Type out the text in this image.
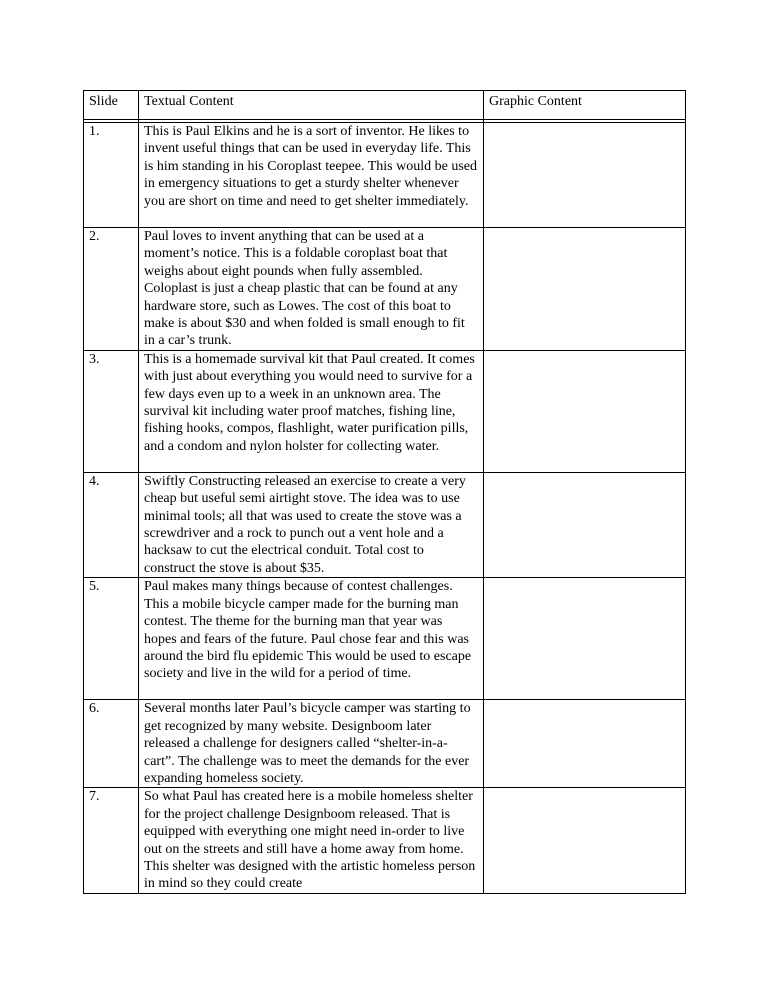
Slide	Textual Content	Graphic Content

1.	This is Paul Elkins and he is a sort of inventor. He likes to invent useful things that can be used in everyday life. This is him standing in his Coroplast teepee. This would be used in emergency situations to get a sturdy shelter whenever you are short on time and need to get shelter immediately.	
2.	Paul loves to invent anything that can be used at a moment’s notice. This is a foldable coroplast boat that weighs about eight pounds when fully assembled. Coloplast is just a cheap plastic that can be found at any hardware store, such as Lowes. The cost of this boat to make is about $30 and when folded is small enough to fit in a car’s trunk.	
3.	This is a homemade survival kit that Paul created. It comes with just about everything you would need to survive for a few days even up to a week in an unknown area. The survival kit including water proof matches, fishing line, fishing hooks, compos, flashlight, water purification pills, and a condom and nylon holster for collecting water.	
4.	Swiftly Constructing released an exercise to create a very cheap but useful semi airtight stove. The idea was to use minimal tools; all that was used to create the stove was a screwdriver and a rock to punch out a vent hole and a hacksaw to cut the electrical conduit. Total cost to construct the stove is about $35.	
5.	Paul makes many things because of contest challenges. This a mobile bicycle camper made for the burning man contest. The theme for the burning man that year was hopes and fears of the future. Paul chose fear and this was around the bird flu epidemic This would be used to escape society and live in the wild for a period of time.	
6.	Several months later Paul’s bicycle camper was starting to get recognized by many website. Designboom later released a challenge for designers called “shelter-in-a-cart”. The challenge was to meet the demands for the ever expanding homeless society.	
7.	So what Paul has created here is a mobile homeless shelter for the project challenge Designboom released. That is equipped with everything one might need in-order to live out on the streets and still have a home away from home. This shelter was designed with the artistic homeless person in mind so they could create	
